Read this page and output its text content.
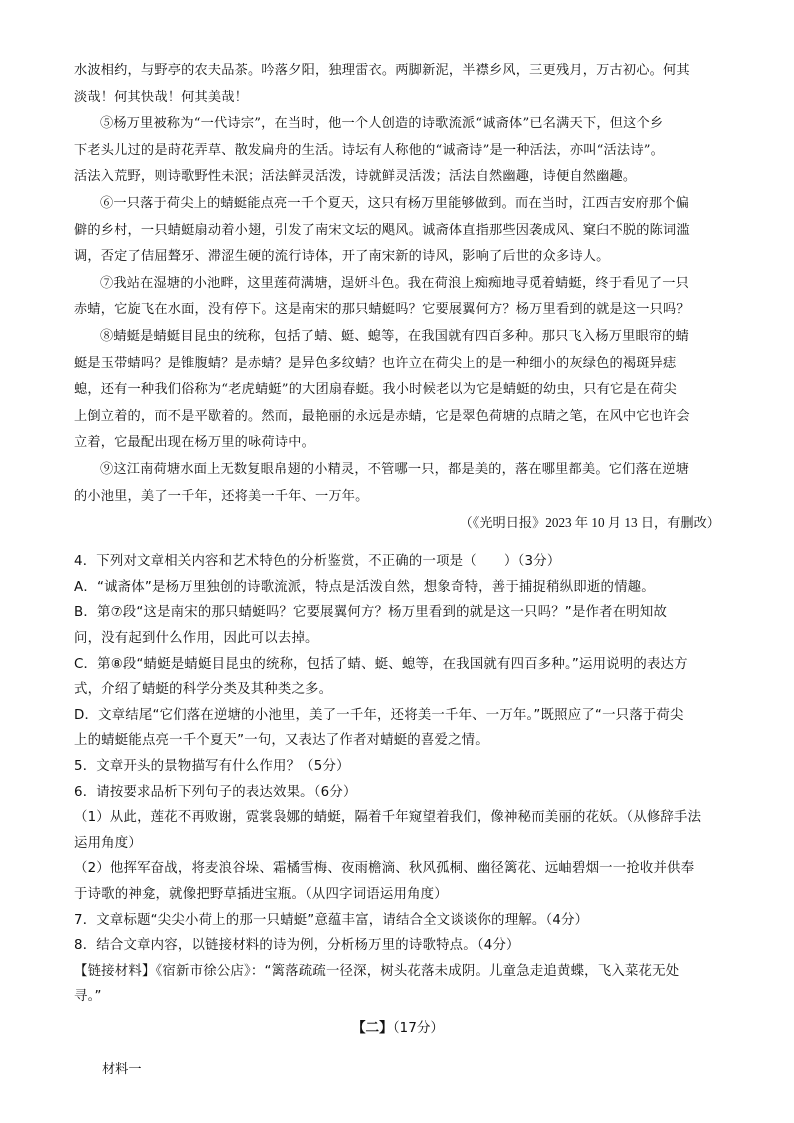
水波相约，与野亭的农夫品茶。吟落夕阳，独理雷衣。两脚新泥，半襟乡风，三更残月，万古初心。何其

淡哉！何其快哉！何其美哉！

⑤杨万里被称为“一代诗宗”，在当时，他一个人创造的诗歌流派“诚斋体”已名满天下，但这个乡

下老头儿过的是莳花弄草、散发扁舟的生活。诗坛有人称他的“诚斋诗”是一种活法，亦叫“活法诗”。

活法入荒野，则诗歌野性未泯；活法鲜灵活泼，诗就鲜灵活泼；活法自然幽趣，诗便自然幽趣。

⑥一只落于荷尖上的蜻蜓能点亮一千个夏天，这只有杨万里能够做到。而在当时，江西吉安府那个偏

僻的乡村，一只蜻蜓扇动着小翅，引发了南宋文坛的飓风。诚斋体直指那些因袭成风、窠臼不脱的陈词滥

调，否定了佶屈聱牙、滞涩生硬的流行诗体，开了南宋新的诗风，影响了后世的众多诗人。

⑦我站在湿塘的小池畔，这里莲荷满塘，逞妍斗色。我在荷浪上痴痴地寻觅着蜻蜓，终于看见了一只

赤蜻，它旋飞在水面，没有停下。这是南宋的那只蜻蜓吗？它要展翼何方？杨万里看到的就是这一只吗？

⑧蜻蜓是蜻蜓目昆虫的统称，包括了蜻、蜓、螅等，在我国就有四百多种。那只飞入杨万里眼帘的蜻

蜓是玉带蜻吗？是锥腹蜻？是赤蜻？是异色多纹蜻？也许立在荷尖上的是一种细小的灰绿色的褐斑异痣

螅，还有一种我们俗称为“老虎蜻蜓”的大团扇春蜓。我小时候老以为它是蜻蜓的幼虫，只有它是在荷尖

上倒立着的，而不是平歇着的。然而，最艳丽的永远是赤蜻，它是翠色荷塘的点睛之笔，在风中它也许会

立着，它最配出现在杨万里的咏荷诗中。

⑨这江南荷塘水面上无数复眼帛翅的小精灵，不管哪一只，都是美的，落在哪里都美。它们落在逆塘

的小池里，美了一千年，还将美一千年、一万年。

（《光明日报》2023 年 10 月 13 日，有删改）

4．下列对文章相关内容和艺术特色的分析鉴赏，不正确的一项是（　　）（3分）

A．“诚斋体”是杨万里独创的诗歌流派，特点是活泼自然，想象奇特，善于捕捉稍纵即逝的情趣。

B．第⑦段“这是南宋的那只蜻蜓吗？它要展翼何方？杨万里看到的就是这一只吗？”是作者在明知故

问，没有起到什么作用，因此可以去掉。

C．第⑧段“蜻蜓是蜻蜓目昆虫的统称，包括了蜻、蜓、螅等，在我国就有四百多种。”运用说明的表达方

式，介绍了蜻蜓的科学分类及其种类之多。

D．文章结尾“它们落在逆塘的小池里，美了一千年，还将美一千年、一万年。”既照应了“一只落于荷尖

上的蜻蜓能点亮一千个夏天”一句，又表达了作者对蜻蜓的喜爱之情。

5．文章开头的景物描写有什么作用？（5分）

6．请按要求品析下列句子的表达效果。（6分）

（1）从此，莲花不再败谢，霓裳袅娜的蜻蜓，隔着千年窥望着我们，像神秘而美丽的花妖。（从修辞手法

运用角度）

（2）他挥军奋战，将麦浪谷垛、霜橘雪梅、夜雨檐滴、秋风孤桐、幽径篱花、远岫碧烟一一抢收并供奉

于诗歌的神龛，就像把野草插进宝瓶。（从四字词语运用角度）

7．文章标题“尖尖小荷上的那一只蜻蜓”意蕴丰富，请结合全文谈谈你的理解。（4分）

8．结合文章内容，以链接材料的诗为例，分析杨万里的诗歌特点。（4分）

【链接材料】《宿新市徐公店》：“篱落疏疏一径深，树头花落未成阴。儿童急走追黄蝶，飞入菜花无处

寻。”

【二】（17分）

材料一
